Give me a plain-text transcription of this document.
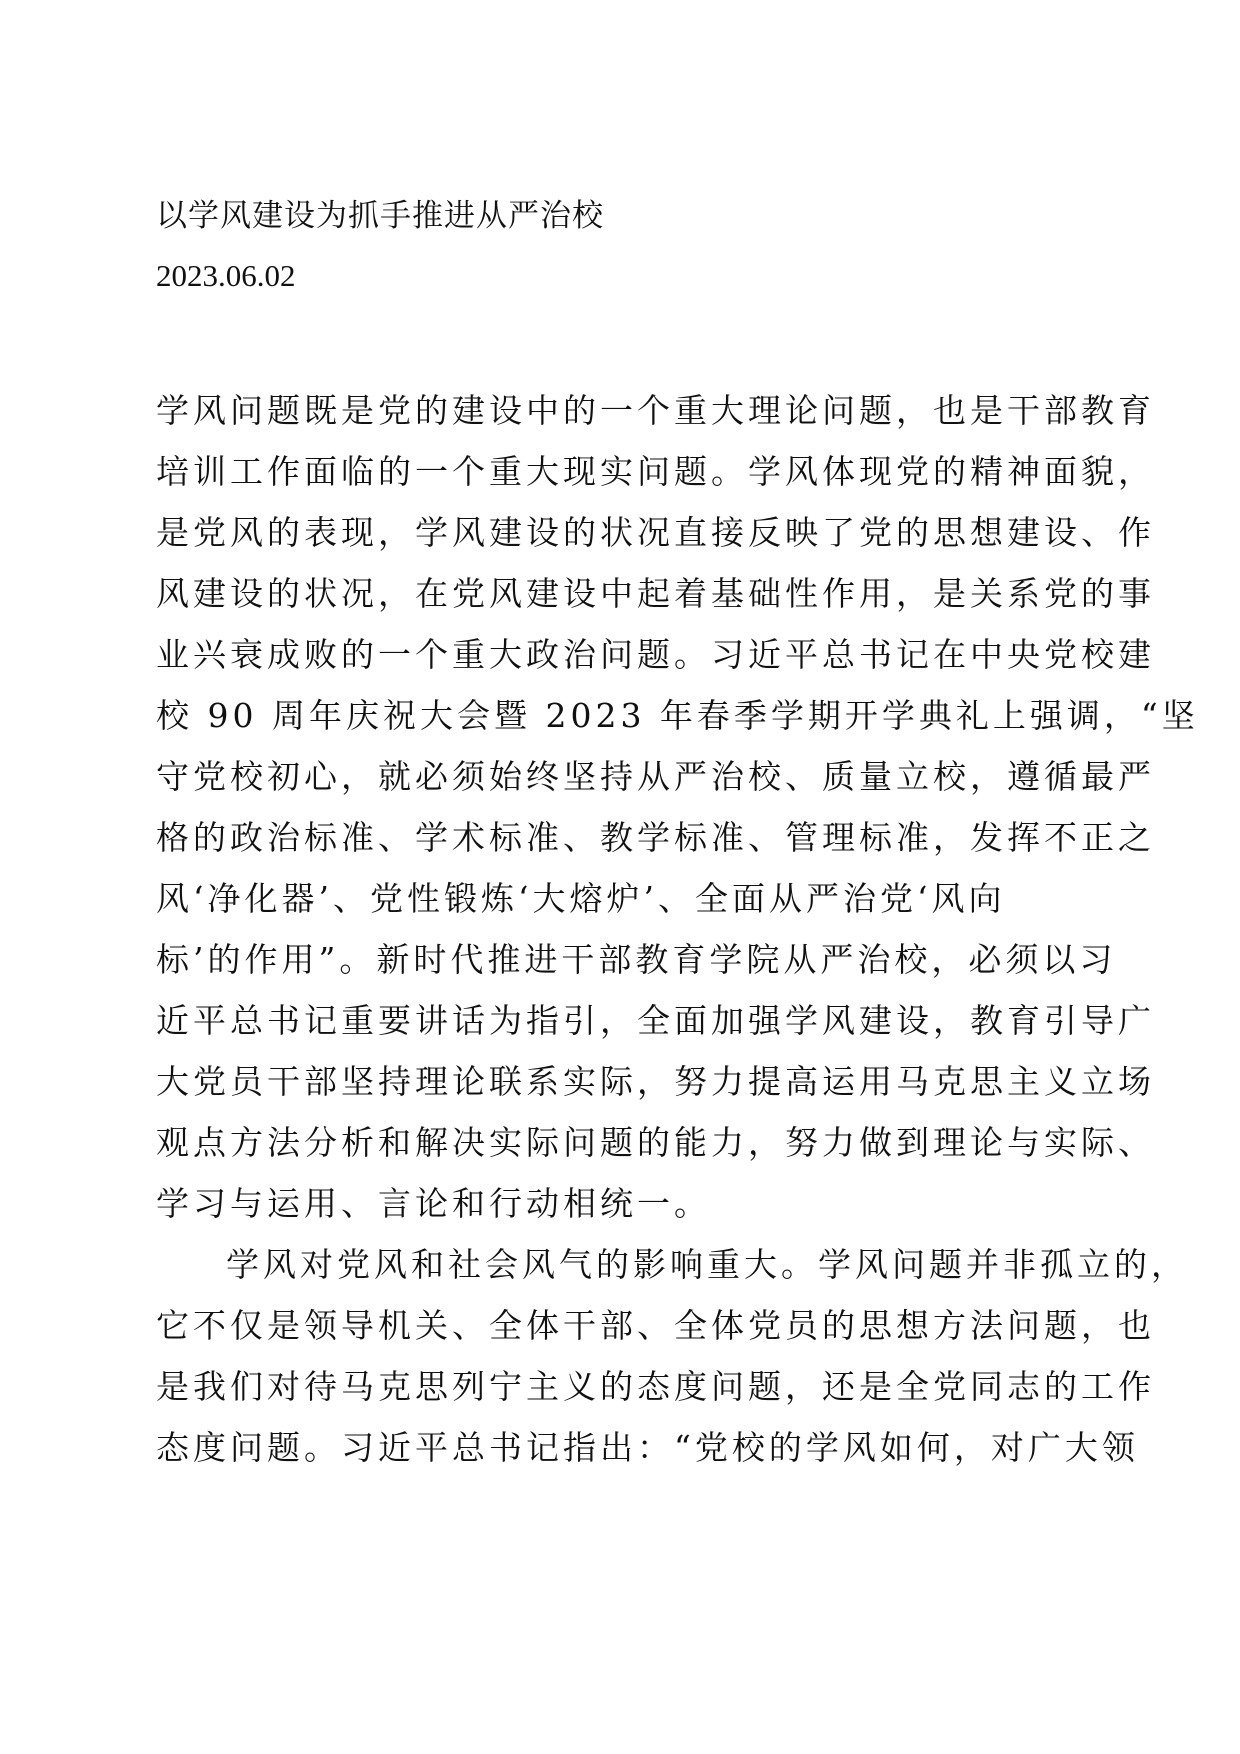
以学风建设为抓手推进从严治校
2023.06.02
学风问题既是党的建设中的一个重大理论问题，也是干部教育
培训工作面临的一个重大现实问题。学风体现党的精神面貌，
是党风的表现，学风建设的状况直接反映了党的思想建设、作
风建设的状况，在党风建设中起着基础性作用，是关系党的事
业兴衰成败的一个重大政治问题。习近平总书记在中央党校建
校 90 周年庆祝大会暨 2023 年春季学期开学典礼上强调，“坚
守党校初心，就必须始终坚持从严治校、质量立校，遵循最严
格的政治标准、学术标准、教学标准、管理标准，发挥不正之
风‘净化器’、党性锻炼‘大熔炉’、全面从严治党‘风向
标’的作用”。新时代推进干部教育学院从严治校，必须以习
近平总书记重要讲话为指引，全面加强学风建设，教育引导广
大党员干部坚持理论联系实际，努力提高运用马克思主义立场
观点方法分析和解决实际问题的能力，努力做到理论与实际、
学习与运用、言论和行动相统一。
学风对党风和社会风气的影响重大。学风问题并非孤立的，
它不仅是领导机关、全体干部、全体党员的思想方法问题，也
是我们对待马克思列宁主义的态度问题，还是全党同志的工作
态度问题。习近平总书记指出：“党校的学风如何，对广大领
